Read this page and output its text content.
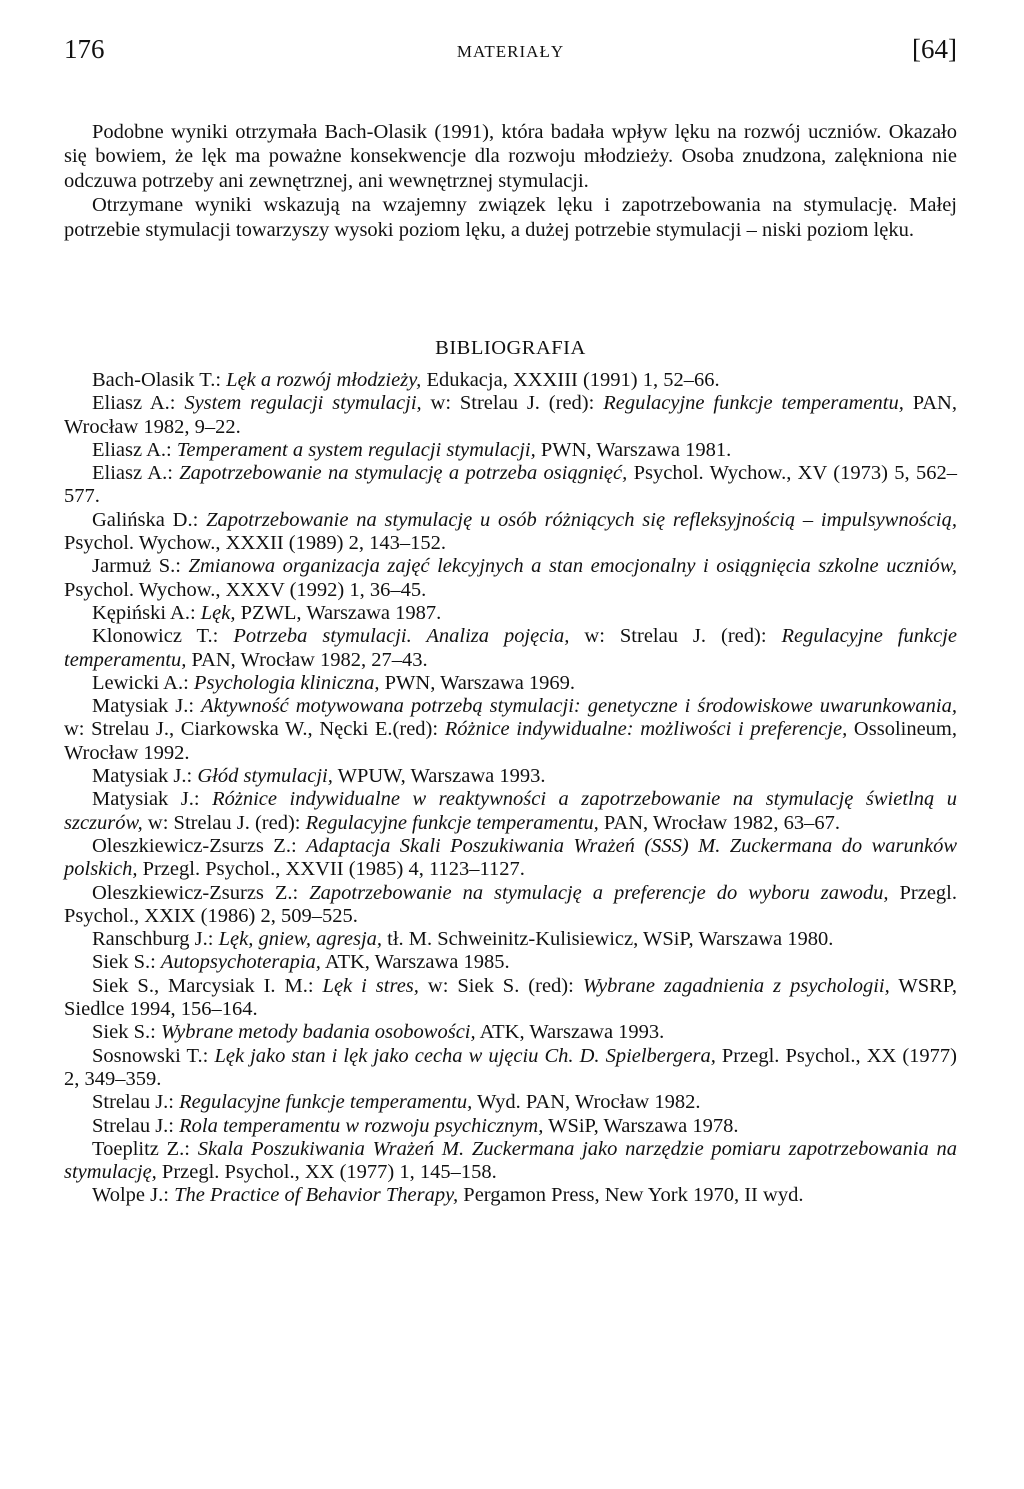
176	MATERIAŁY	[64]

Podobne wyniki otrzymała Bach-Olasik (1991), która badała wpływ lęku na rozwój uczniów. Okazało się bowiem, że lęk ma poważne konsekwencje dla rozwoju młodzieży. Osoba znudzona, zalękniona nie odczuwa potrzeby ani zewnętrznej, ani wewnętrznej stymulacji.

Otrzymane wyniki wskazują na wzajemny związek lęku i zapotrzebowania na stymulację. Małej potrzebie stymulacji towarzyszy wysoki poziom lęku, a dużej potrzebie stymulacji – niski poziom lęku.

BIBLIOGRAFIA

Bach-Olasik T.: Lęk a rozwój młodzieży, Edukacja, XXXIII (1991) 1, 52–66.

Eliasz A.: System regulacji stymulacji, w: Strelau J. (red): Regulacyjne funkcje temperamentu, PAN, Wrocław 1982, 9–22.

Eliasz A.: Temperament a system regulacji stymulacji, PWN, Warszawa 1981.

Eliasz A.: Zapotrzebowanie na stymulację a potrzeba osiągnięć, Psychol. Wychow., XV (1973) 5, 562–577.

Galińska D.: Zapotrzebowanie na stymulację u osób różniących się refleksyjnością – impulsywnością, Psychol. Wychow., XXXII (1989) 2, 143–152.

Jarmuż S.: Zmianowa organizacja zajęć lekcyjnych a stan emocjonalny i osiągnięcia szkolne uczniów, Psychol. Wychow., XXXV (1992) 1, 36–45.

Kępiński A.: Lęk, PZWL, Warszawa 1987.

Klonowicz T.: Potrzeba stymulacji. Analiza pojęcia, w: Strelau J. (red): Regulacyjne funkcje temperamentu, PAN, Wrocław 1982, 27–43.

Lewicki A.: Psychologia kliniczna, PWN, Warszawa 1969.

Matysiak J.: Aktywność motywowana potrzebą stymulacji: genetyczne i środowiskowe uwarunkowania, w: Strelau J., Ciarkowska W., Nęcki E.(red): Różnice indywidualne: możliwości i preferencje, Ossolineum, Wrocław 1992.

Matysiak J.: Głód stymulacji, WPUW, Warszawa 1993.

Matysiak J.: Różnice indywidualne w reaktywności a zapotrzebowanie na stymulację świetlną u szczurów, w: Strelau J. (red): Regulacyjne funkcje temperamentu, PAN, Wrocław 1982, 63–67.

Oleszkiewicz-Zsurzs Z.: Adaptacja Skali Poszukiwania Wrażeń (SSS) M. Zuckermana do warunków polskich, Przegl. Psychol., XXVII (1985) 4, 1123–1127.

Oleszkiewicz-Zsurzs Z.: Zapotrzebowanie na stymulację a preferencje do wyboru zawodu, Przegl. Psychol., XXIX (1986) 2, 509–525.

Ranschburg J.: Lęk, gniew, agresja, tł. M. Schweinitz-Kulisiewicz, WSiP, Warszawa 1980.

Siek S.: Autopsychoterapia, ATK, Warszawa 1985.

Siek S., Marcysiak I. M.: Lęk i stres, w: Siek S. (red): Wybrane zagadnienia z psychologii, WSRP, Siedlce 1994, 156–164.

Siek S.: Wybrane metody badania osobowości, ATK, Warszawa 1993.

Sosnowski T.: Lęk jako stan i lęk jako cecha w ujęciu Ch. D. Spielbergera, Przegl. Psychol., XX (1977) 2, 349–359.

Strelau J.: Regulacyjne funkcje temperamentu, Wyd. PAN, Wrocław 1982.

Strelau J.: Rola temperamentu w rozwoju psychicznym, WSiP, Warszawa 1978.

Toeplitz Z.: Skala Poszukiwania Wrażeń M. Zuckermana jako narzędzie pomiaru zapotrzebowania na stymulację, Przegl. Psychol., XX (1977) 1, 145–158.

Wolpe J.: The Practice of Behavior Therapy, Pergamon Press, New York 1970, II wyd.
